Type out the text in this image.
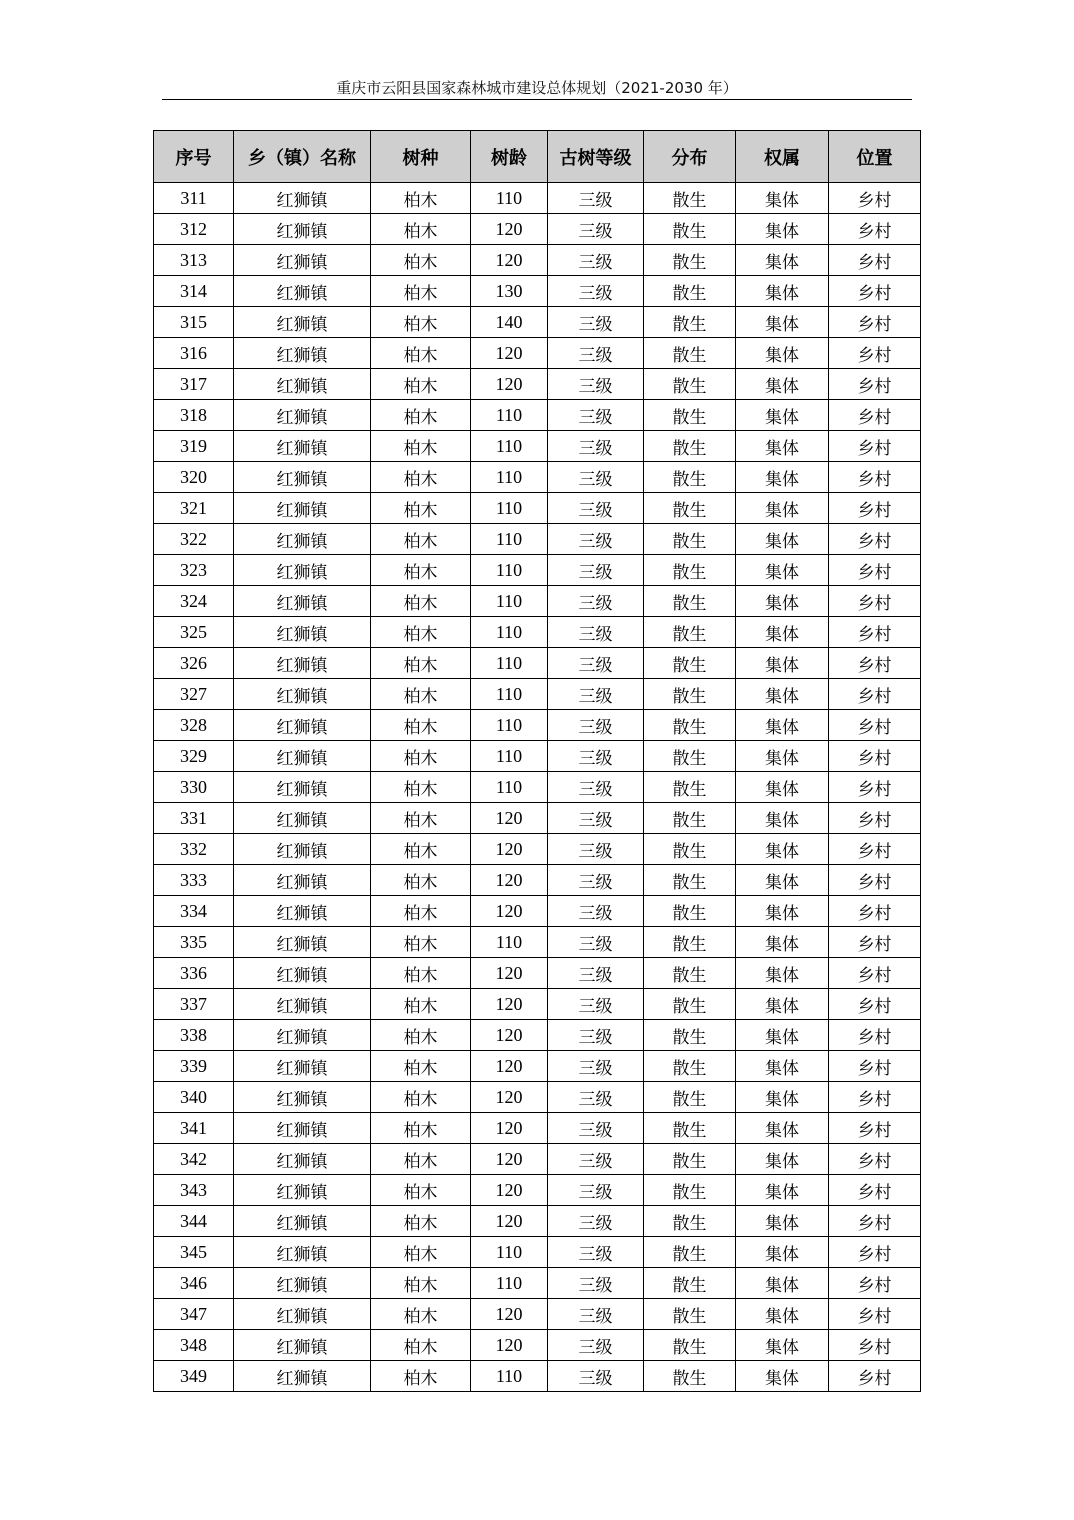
重庆市云阳县国家森林城市建设总体规划（2021-2030 年）
序号	乡（镇）名称	树种	树龄	古树等级	分布	权属	位置
311	红狮镇	柏木	110	三级	散生	集体	乡村
312	红狮镇	柏木	120	三级	散生	集体	乡村
313	红狮镇	柏木	120	三级	散生	集体	乡村
314	红狮镇	柏木	130	三级	散生	集体	乡村
315	红狮镇	柏木	140	三级	散生	集体	乡村
316	红狮镇	柏木	120	三级	散生	集体	乡村
317	红狮镇	柏木	120	三级	散生	集体	乡村
318	红狮镇	柏木	110	三级	散生	集体	乡村
319	红狮镇	柏木	110	三级	散生	集体	乡村
320	红狮镇	柏木	110	三级	散生	集体	乡村
321	红狮镇	柏木	110	三级	散生	集体	乡村
322	红狮镇	柏木	110	三级	散生	集体	乡村
323	红狮镇	柏木	110	三级	散生	集体	乡村
324	红狮镇	柏木	110	三级	散生	集体	乡村
325	红狮镇	柏木	110	三级	散生	集体	乡村
326	红狮镇	柏木	110	三级	散生	集体	乡村
327	红狮镇	柏木	110	三级	散生	集体	乡村
328	红狮镇	柏木	110	三级	散生	集体	乡村
329	红狮镇	柏木	110	三级	散生	集体	乡村
330	红狮镇	柏木	110	三级	散生	集体	乡村
331	红狮镇	柏木	120	三级	散生	集体	乡村
332	红狮镇	柏木	120	三级	散生	集体	乡村
333	红狮镇	柏木	120	三级	散生	集体	乡村
334	红狮镇	柏木	120	三级	散生	集体	乡村
335	红狮镇	柏木	110	三级	散生	集体	乡村
336	红狮镇	柏木	120	三级	散生	集体	乡村
337	红狮镇	柏木	120	三级	散生	集体	乡村
338	红狮镇	柏木	120	三级	散生	集体	乡村
339	红狮镇	柏木	120	三级	散生	集体	乡村
340	红狮镇	柏木	120	三级	散生	集体	乡村
341	红狮镇	柏木	120	三级	散生	集体	乡村
342	红狮镇	柏木	120	三级	散生	集体	乡村
343	红狮镇	柏木	120	三级	散生	集体	乡村
344	红狮镇	柏木	120	三级	散生	集体	乡村
345	红狮镇	柏木	110	三级	散生	集体	乡村
346	红狮镇	柏木	110	三级	散生	集体	乡村
347	红狮镇	柏木	120	三级	散生	集体	乡村
348	红狮镇	柏木	120	三级	散生	集体	乡村
349	红狮镇	柏木	110	三级	散生	集体	乡村
